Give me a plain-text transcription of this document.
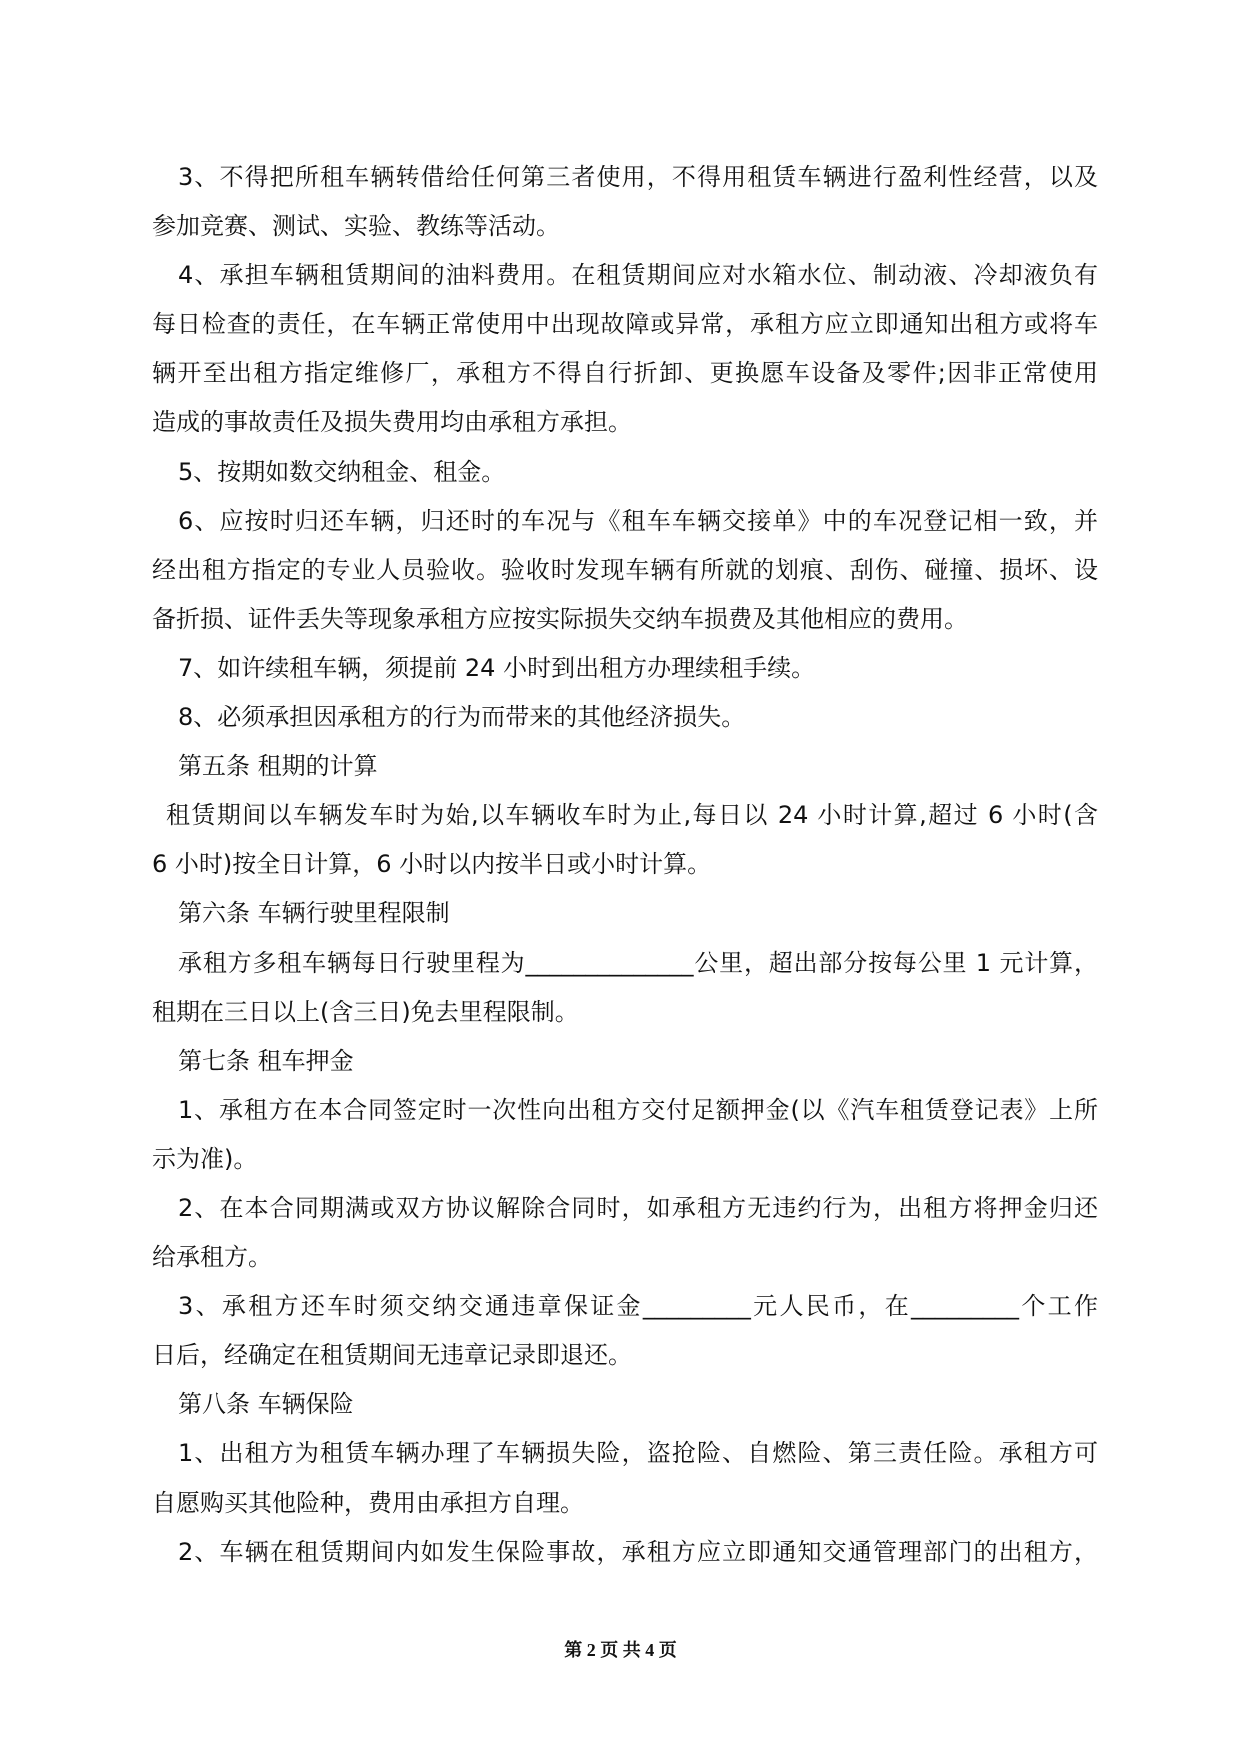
3、不得把所租车辆转借给任何第三者使用，不得用租赁车辆进行盈利性经营，以及
参加竞赛、测试、实验、教练等活动。
4、承担车辆租赁期间的油料费用。在租赁期间应对水箱水位、制动液、冷却液负有
每日检查的责任，在车辆正常使用中出现故障或异常，承租方应立即通知出租方或将车
辆开至出租方指定维修厂，承租方不得自行折卸、更换愿车设备及零件;因非正常使用
造成的事故责任及损失费用均由承租方承担。
5、按期如数交纳租金、租金。
6、应按时归还车辆，归还时的车况与《租车车辆交接单》中的车况登记相一致，并
经出租方指定的专业人员验收。验收时发现车辆有所就的划痕、刮伤、碰撞、损坏、设
备折损、证件丢失等现象承租方应按实际损失交纳车损费及其他相应的费用。
7、如许续租车辆，须提前 24 小时到出租方办理续租手续。
8、必须承担因承租方的行为而带来的其他经济损失。
第五条 租期的计算
租赁期间以车辆发车时为始,以车辆收车时为止,每日以 24 小时计算,超过 6 小时(含
6 小时)按全日计算，6 小时以内按半日或小时计算。
第六条 车辆行驶里程限制
承租方多租车辆每日行驶里程为______________公里，超出部分按每公里 1 元计算，
租期在三日以上(含三日)免去里程限制。
第七条 租车押金
1、承租方在本合同签定时一次性向出租方交付足额押金(以《汽车租赁登记表》上所
示为准)。
2、在本合同期满或双方协议解除合同时，如承租方无违约行为，出租方将押金归还
给承租方。
3、承租方还车时须交纳交通违章保证金_________元人民币，在_________个工作
日后，经确定在租赁期间无违章记录即退还。
第八条 车辆保险
1、出租方为租赁车辆办理了车辆损失险，盗抢险、自燃险、第三责任险。承租方可
自愿购买其他险种，费用由承担方自理。
2、车辆在租赁期间内如发生保险事故，承租方应立即通知交通管理部门的出租方，
第 2 页 共 4 页
